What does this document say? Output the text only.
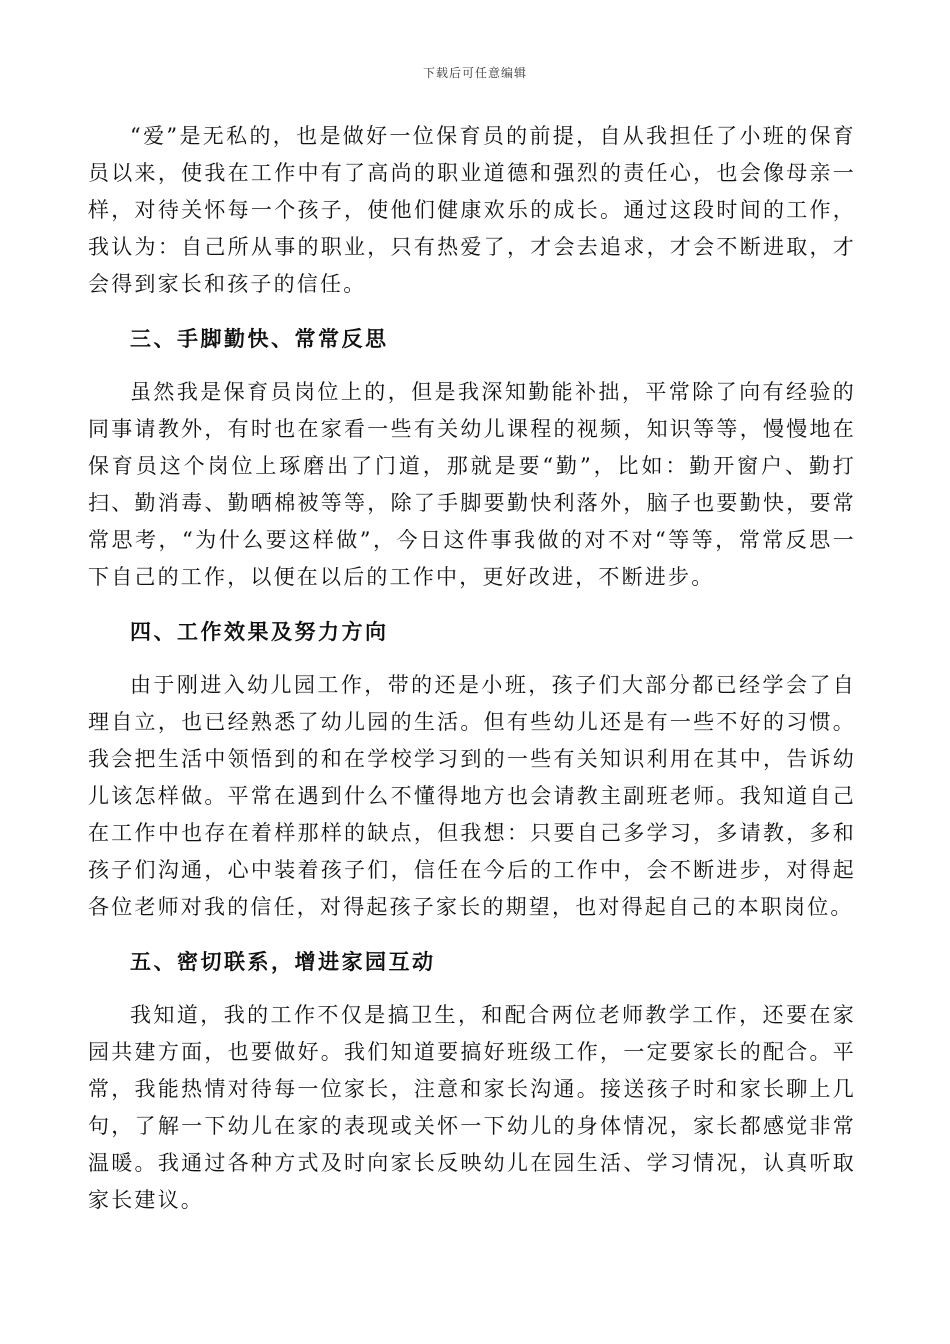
下载后可任意编辑

“爱”是无私的，也是做好一位保育员的前提，自从我担任了小班的保育员以来，使我在工作中有了高尚的职业道德和强烈的责任心，也会像母亲一样，对待关怀每一个孩子，使他们健康欢乐的成长。通过这段时间的工作，我认为：自己所从事的职业，只有热爱了，才会去追求，才会不断进取，才会得到家长和孩子的信任。

三、手脚勤快、常常反思

虽然我是保育员岗位上的，但是我深知勤能补拙，平常除了向有经验的同事请教外，有时也在家看一些有关幼儿课程的视频，知识等等，慢慢地在保育员这个岗位上琢磨出了门道，那就是要“勤”，比如：勤开窗户、勤打扫、勤消毒、勤晒棉被等等，除了手脚要勤快利落外，脑子也要勤快，要常常思考，“为什么要这样做”，今日这件事我做的对不对“等等，常常反思一下自己的工作，以便在以后的工作中，更好改进，不断进步。

四、工作效果及努力方向

由于刚进入幼儿园工作，带的还是小班，孩子们大部分都已经学会了自理自立，也已经熟悉了幼儿园的生活。但有些幼儿还是有一些不好的习惯。我会把生活中领悟到的和在学校学习到的一些有关知识利用在其中，告诉幼儿该怎样做。平常在遇到什么不懂得地方也会请教主副班老师。我知道自己在工作中也存在着样那样的缺点，但我想：只要自己多学习，多请教，多和孩子们沟通，心中装着孩子们，信任在今后的工作中，会不断进步，对得起各位老师对我的信任，对得起孩子家长的期望，也对得起自己的本职岗位。

五、密切联系，增进家园互动

我知道，我的工作不仅是搞卫生，和配合两位老师教学工作，还要在家园共建方面，也要做好。我们知道要搞好班级工作，一定要家长的配合。平常，我能热情对待每一位家长，注意和家长沟通。接送孩子时和家长聊上几句，了解一下幼儿在家的表现或关怀一下幼儿的身体情况，家长都感觉非常温暖。我通过各种方式及时向家长反映幼儿在园生活、学习情况，认真听取家长建议。
